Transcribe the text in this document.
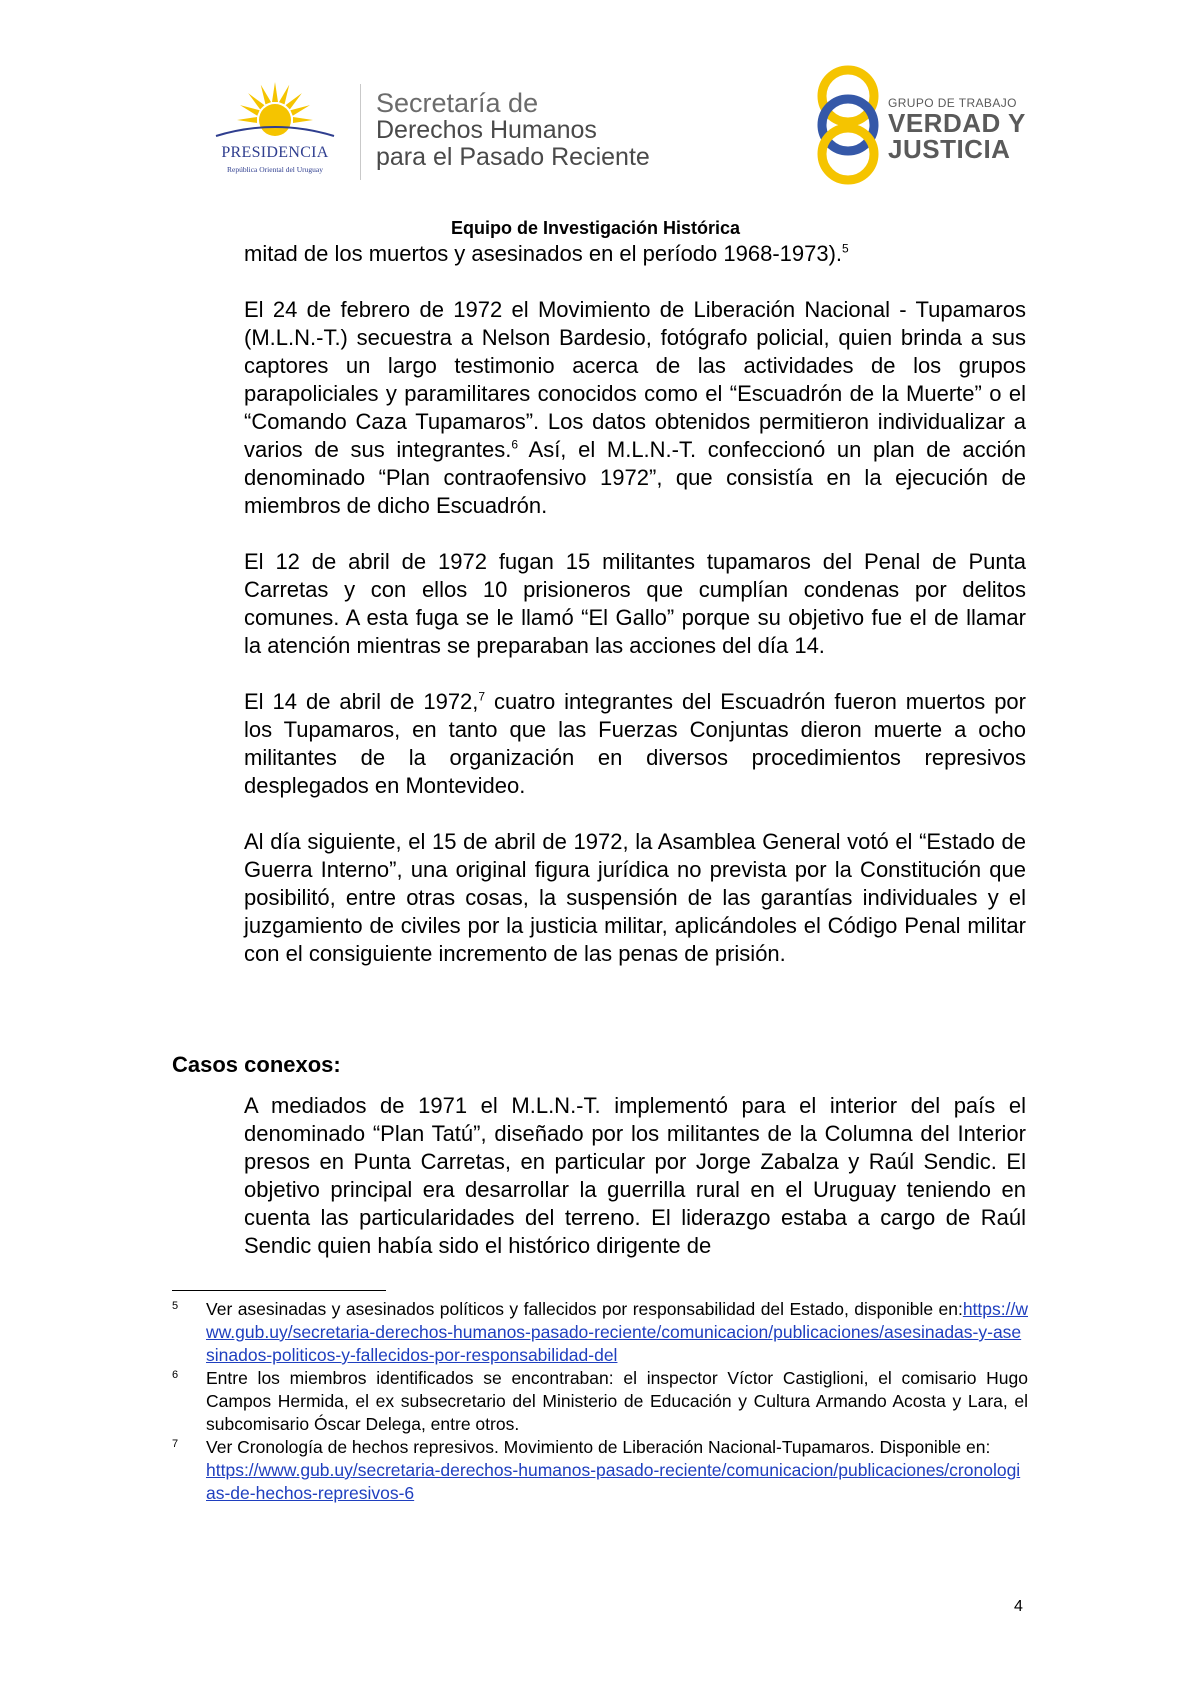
PRESIDENCIA
República Oriental del Uruguay
Secretaría de
Derechos Humanos
para el Pasado Reciente
GRUPO DE TRABAJO
VERDAD Y
JUSTICIA
Equipo de Investigación Histórica

mitad de los muertos y asesinados en el período 1968-1973).$^5$

El 24 de febrero de 1972 el Movimiento de Liberación Nacional - Tupamaros (M.L.N.-T.) secuestra a Nelson Bardesio, fotógrafo policial, quien brinda a sus captores un largo testimonio acerca de las actividades de los grupos parapoliciales y paramilitares conocidos como el “Escuadrón de la Muerte” o el “Comando Caza Tupamaros”. Los datos obtenidos permitieron individualizar a varios de sus integrantes.$^6$ Así, el M.L.N.-T. confeccionó un plan de acción denominado “Plan contraofensivo 1972”, que consistía en la ejecución de miembros de dicho Escuadrón.

El 12 de abril de 1972 fugan 15 militantes tupamaros del Penal de Punta Carretas y con ellos 10 prisioneros que cumplían condenas por delitos comunes. A esta fuga se le llamó “El Gallo” porque su objetivo fue el de llamar la atención mientras se preparaban las acciones del día 14.

El 14 de abril de 1972,$^7$ cuatro integrantes del Escuadrón fueron muertos por los Tupamaros, en tanto que las Fuerzas Conjuntas dieron muerte a ocho militantes de la organización en diversos procedimientos represivos desplegados en Montevideo.

Al día siguiente, el 15 de abril de 1972, la Asamblea General votó el “Estado de Guerra Interno”, una original figura jurídica no prevista por la Constitución que posibilitó, entre otras cosas, la suspensión de las garantías individuales y el juzgamiento de civiles por la justicia militar, aplicándoles el Código Penal militar con el consiguiente incremento de las penas de prisión.

Casos conexos:

A mediados de 1971 el M.L.N.-T. implementó para el interior del país el denominado “Plan Tatú”, diseñado por los militantes de la Columna del Interior presos en Punta Carretas, en particular por Jorge Zabalza y Raúl Sendic. El objetivo principal era desarrollar la guerrilla rural en el Uruguay teniendo en cuenta las particularidades del terreno. El liderazgo estaba a cargo de Raúl Sendic quien había sido el histórico dirigente de

5 Ver asesinadas y asesinados políticos y fallecidos por responsabilidad del Estado, disponible en:https://www.gub.uy/secretaria-derechos-humanos-pasado-reciente/comunicacion/publicaciones/asesinadas-y-asesinados-politicos-y-fallecidos-por-responsabilidad-del
6 Entre los miembros identificados se encontraban: el inspector Víctor Castiglioni, el comisario Hugo Campos Hermida, el ex subsecretario del Ministerio de Educación y Cultura Armando Acosta y Lara, el subcomisario Óscar Delega, entre otros.
7 Ver Cronología de hechos represivos. Movimiento de Liberación Nacional-Tupamaros. Disponible en:
https://www.gub.uy/secretaria-derechos-humanos-pasado-reciente/comunicacion/publicaciones/cronologias-de-hechos-represivos-6
4
